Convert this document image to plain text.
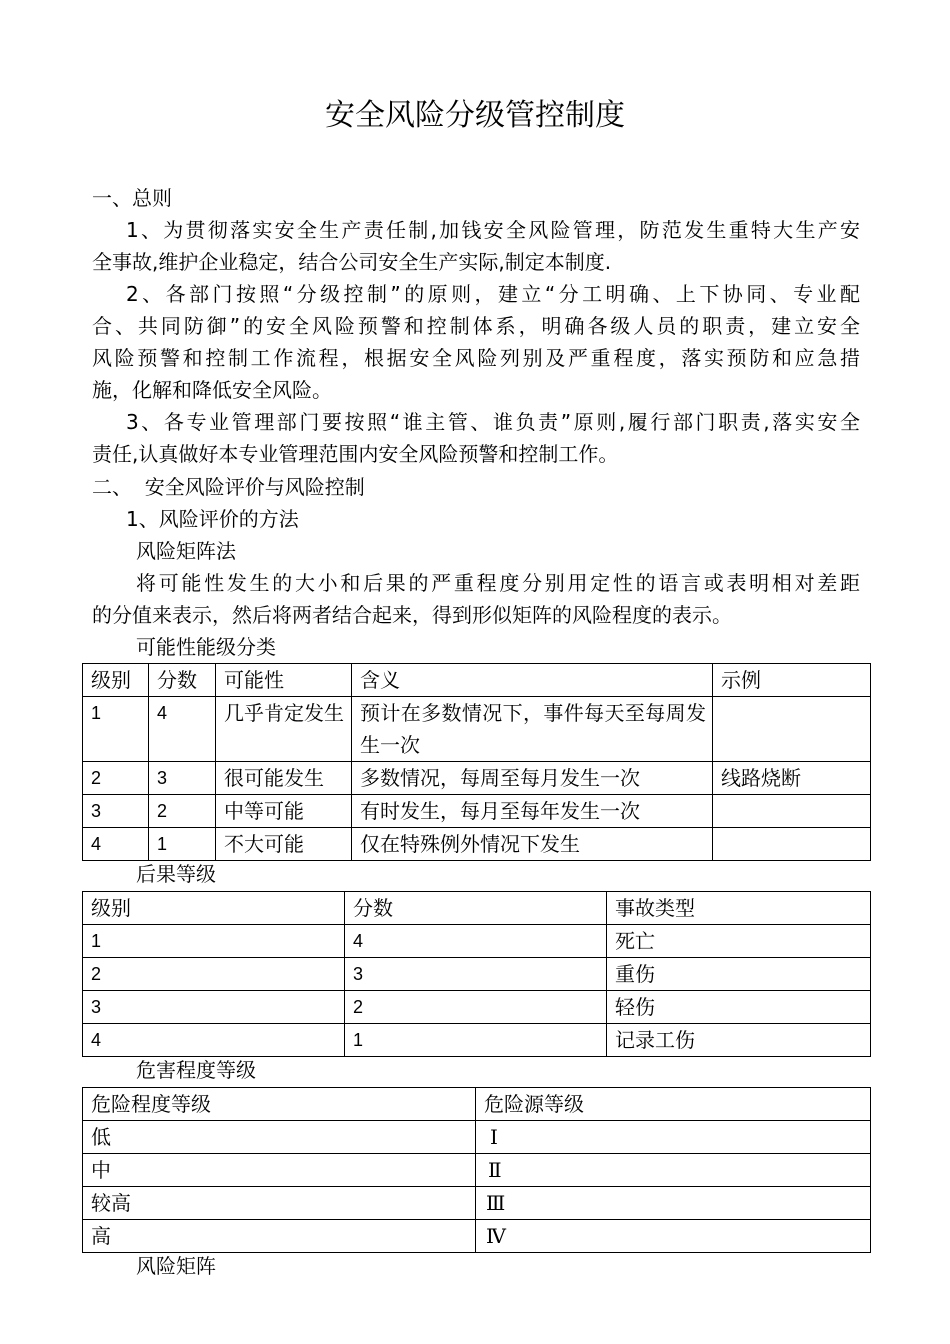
安全风险分级管控制度
一、总则
1、为贯彻落实安全生产责任制,加钱安全风险管理，防范发生重特大生产安
全事故,维护企业稳定，结合公司安全生产实际,制定本制度.
2、各部门按照“分级控制”的原则，建立“分工明确、上下协同、专业配
合、共同防御”的安全风险预警和控制体系，明确各级人员的职责，建立安全
风险预警和控制工作流程，根据安全风险列别及严重程度，落实预防和应急措
施，化解和降低安全风险。
3、各专业管理部门要按照“谁主管、谁负责”原则,履行部门职责,落实安全
责任,认真做好本专业管理范围内安全风险预警和控制工作。
二、  安全风险评价与风险控制
1、风险评价的方法
风险矩阵法
将可能性发生的大小和后果的严重程度分别用定性的语言或表明相对差距
的分值来表示，然后将两者结合起来，得到形似矩阵的风险程度的表示。
可能性能级分类
级别	分数	可能性	含义	示例
1	4	几乎肯定发生	预计在多数情况下，事件每天至每周发生一次	
2	3	很可能发生	多数情况，每周至每月发生一次	线路烧断
3	2	中等可能	有时发生，每月至每年发生一次	
4	1	不大可能	仅在特殊例外情况下发生	
后果等级
级别	分数	事故类型
1	4	死亡
2	3	重伤
3	2	轻伤
4	1	记录工伤
危害程度等级
危险程度等级	危险源等级
低	Ⅰ
中	Ⅱ
较高	Ⅲ
高	Ⅳ
风险矩阵
